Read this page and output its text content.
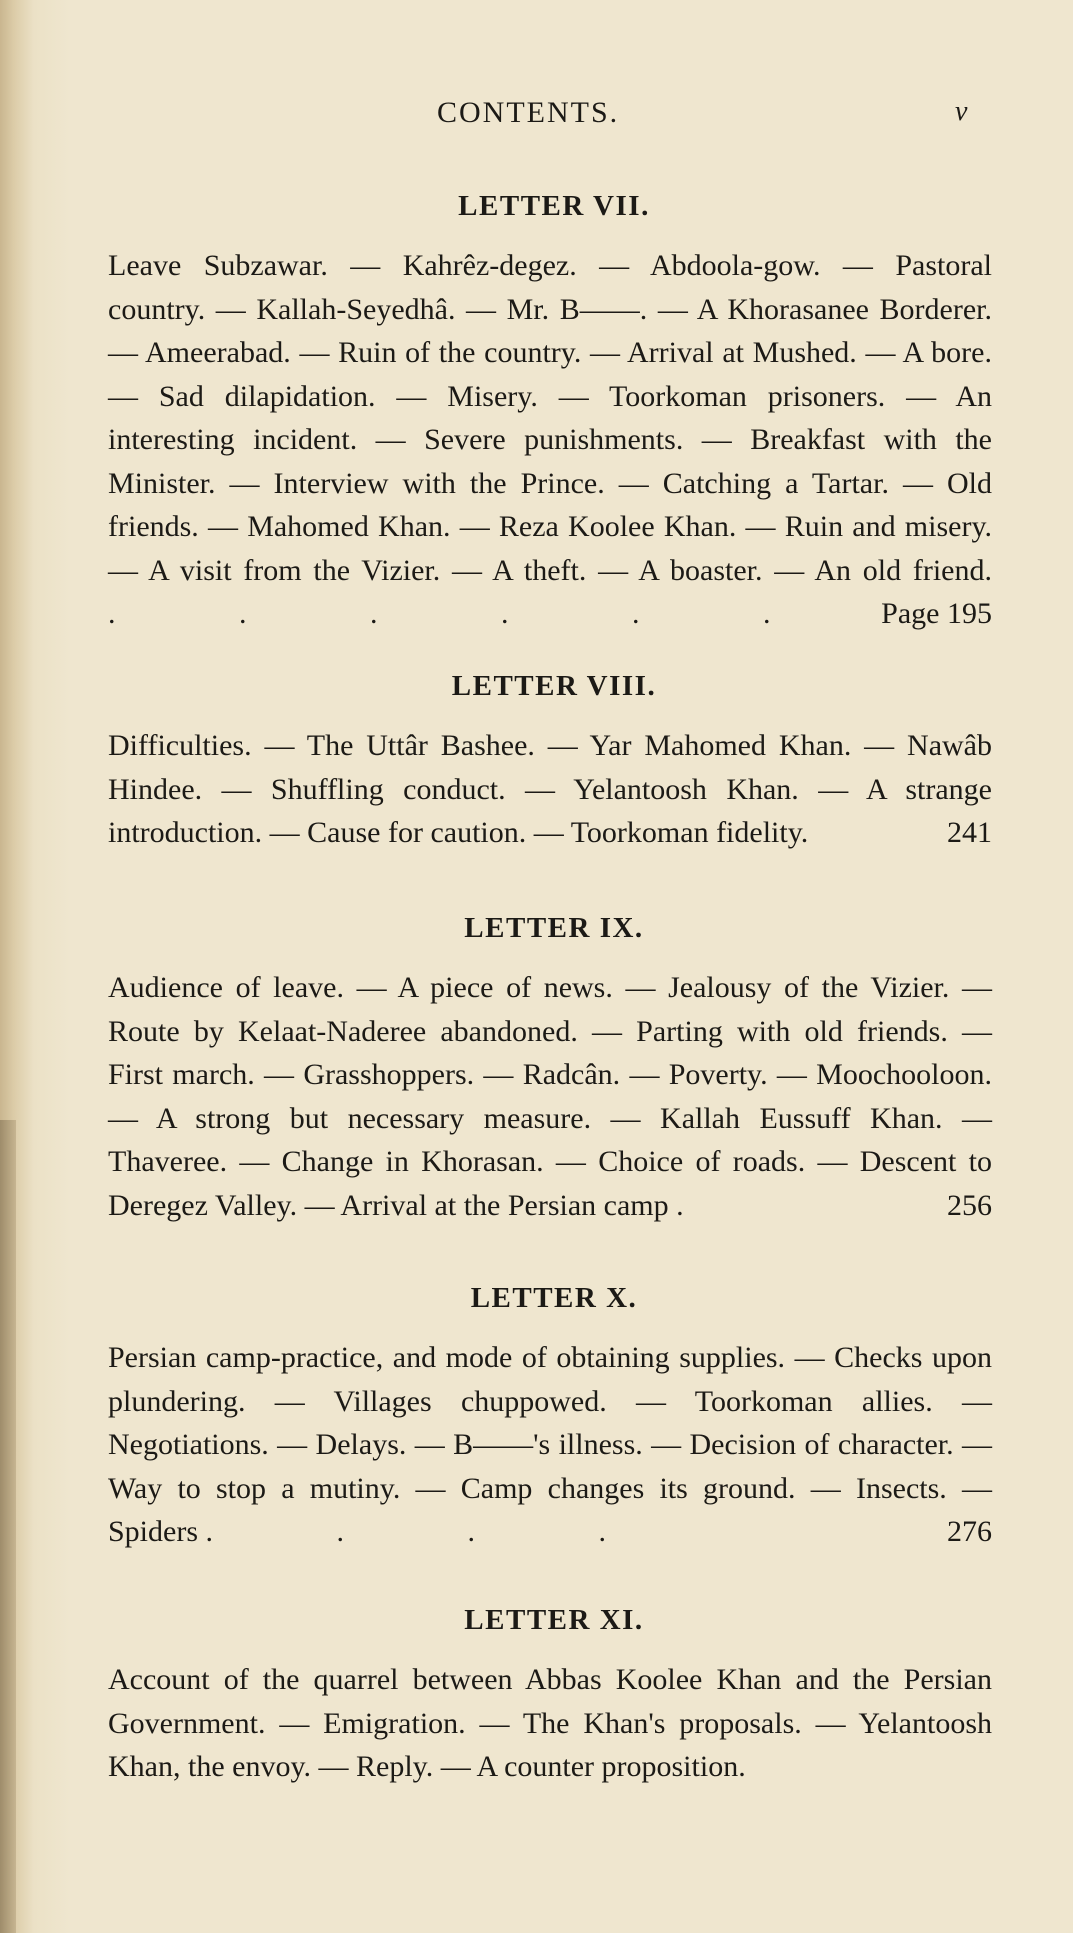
CONTENTS.	v
LETTER VII.

Leave Subzawar. — Kahrêz-degez. — Abdoola-gow. — Pastoral country. — Kallah-Seyedhâ. — Mr. B——. — A Khorasanee Borderer. — Ameerabad. — Ruin of the country. — Arrival at Mushed. — A bore. — Sad dilapidation. — Misery. — Toorkoman prisoners. — An interesting incident. — Severe punishments. — Breakfast with the Minister. — Interview with the Prince. — Catching a Tartar. — Old friends. — Mahomed Khan. — Reza Koolee Khan. — Ruin and misery. — A visit from the Vizier. — A theft. — A boaster. — An old friend. . . . . . . Page 195

LETTER VIII.

Difficulties. — The Uttâr Bashee. — Yar Mahomed Khan. — Nawâb Hindee. — Shuffling conduct. — Yelantoosh Khan. — A strange introduction. — Cause for caution. — Toorkoman fidelity.	241

LETTER IX.

Audience of leave. — A piece of news. — Jealousy of the Vizier. — Route by Kelaat-Naderee abandoned. — Parting with old friends. — First march. — Grasshoppers. — Radcân. — Poverty. — Moochooloon. — A strong but necessary measure. — Kallah Eussuff Khan. — Thaveree. — Change in Khorasan. — Choice of roads. — Descent to Deregez Valley. — Arrival at the Persian camp .	256

LETTER X.

Persian camp-practice, and mode of obtaining supplies. — Checks upon plundering. — Villages chuppowed. — Toorkoman allies. — Negotiations. — Delays. — B——'s illness. — Decision of character. — Way to stop a mutiny. — Camp changes its ground. — Insects. — Spiders . . . .	276

LETTER XI.

Account of the quarrel between Abbas Koolee Khan and the Persian Government. — Emigration. — The Khan's proposals. — Yelantoosh Khan, the envoy. — Reply. — A counter proposition.
